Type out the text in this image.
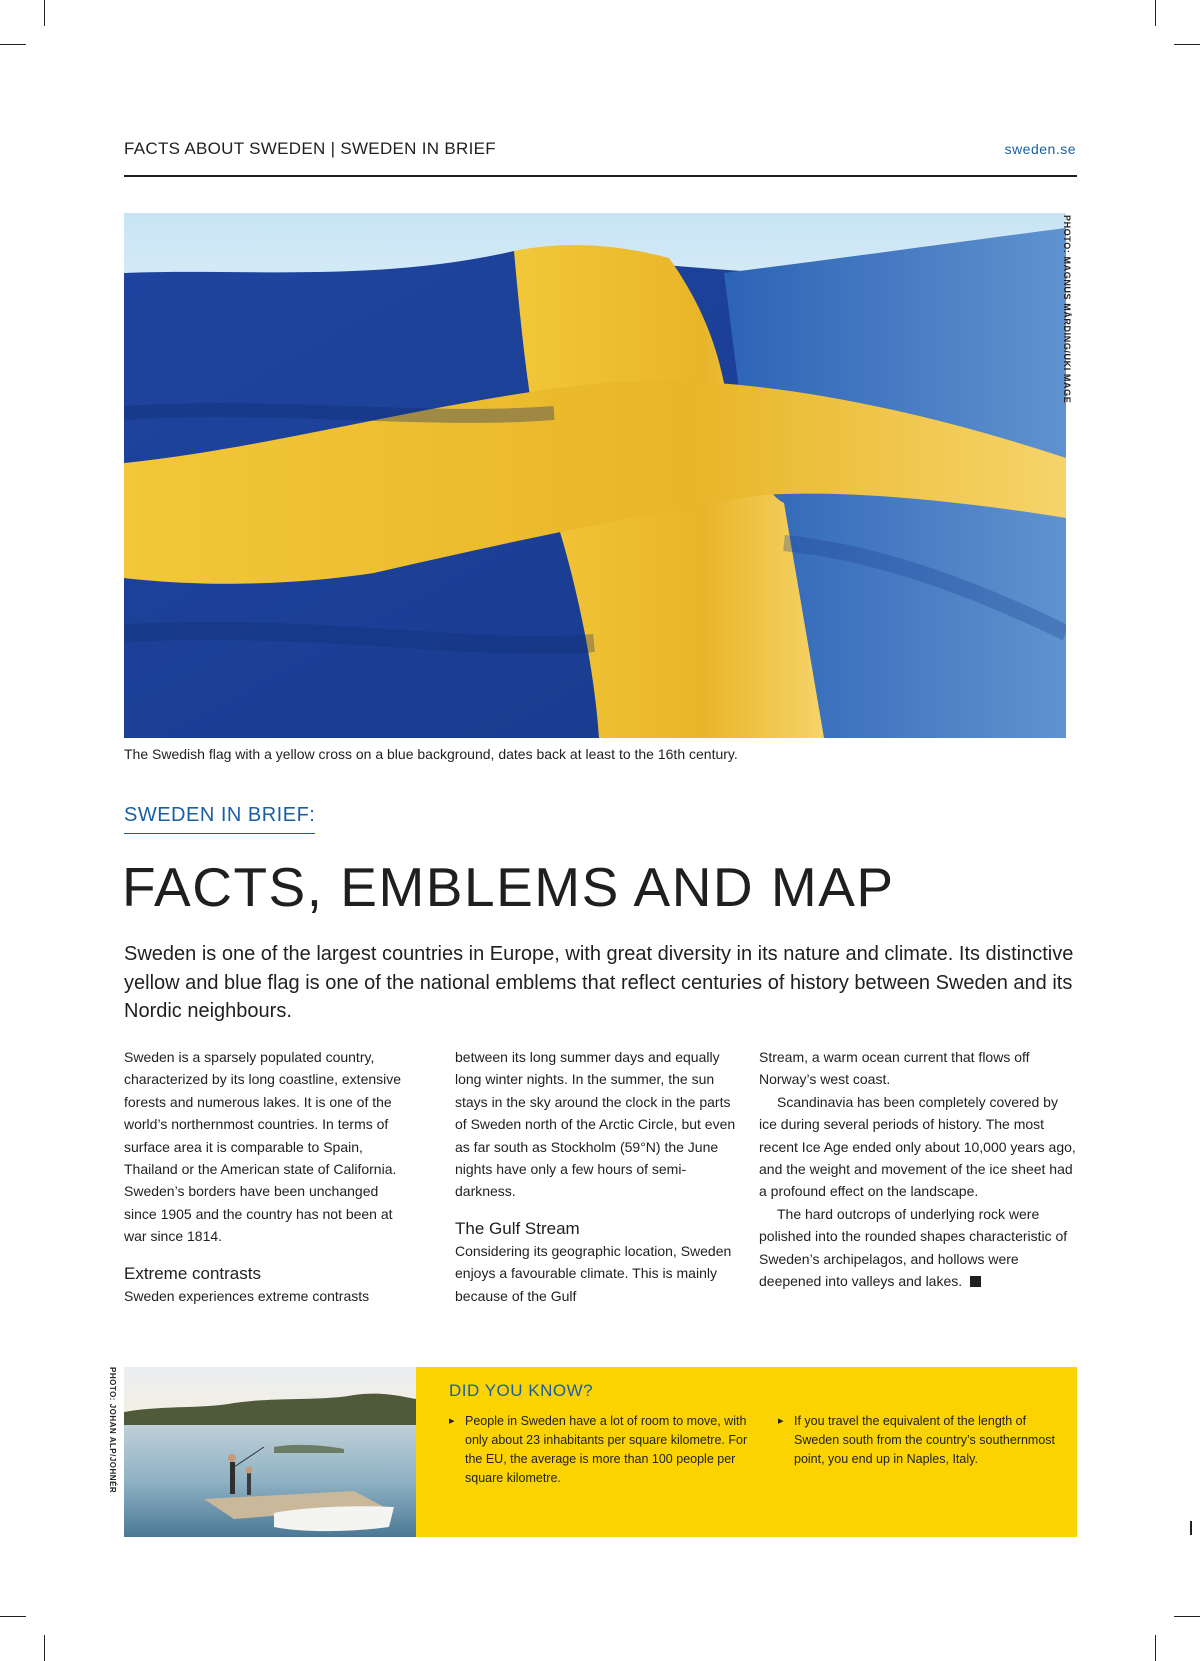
FACTS ABOUT SWEDEN | SWEDEN IN BRIEF	sweden.se
PHOTO: MAGNUS MÅRDING/UKI MAGE
The Swedish flag with a yellow cross on a blue background, dates back at least to the 16th century.
SWEDEN IN BRIEF:
FACTS, EMBLEMS AND MAP
Sweden is one of the largest countries in Europe, with great diversity in its nature and climate. Its distinctive yellow and blue flag is one of the national emblems that reflect centuries of history between Sweden and its Nordic neighbours.

Sweden is a sparsely populated country, characterized by its long coastline, extensive forests and numerous lakes. It is one of the world’s northernmost countries. In terms of surface area it is comparable to Spain, Thailand or the American state of California. Sweden’s borders have been unchanged since 1905 and the country has not been at war since 1814.

Extreme contrasts

Sweden experiences extreme contrasts

between its long summer days and equally long winter nights. In the summer, the sun stays in the sky around the clock in the parts of Sweden north of the Arctic Circle, but even as far south as Stockholm (59°N) the June nights have only a few hours of semi-darkness.

The Gulf Stream

Considering its geographic location, Sweden enjoys a favourable climate. This is mainly because of the Gulf

Stream, a warm ocean current that flows off Norway’s west coast.

Scandinavia has been completely covered by ice during several periods of history. The most recent Ice Age ended only about 10,000 years ago, and the weight and movement of the ice sheet had a profound effect on the landscape.

The hard outcrops of underlying rock were polished into the rounded shapes characteristic of Sweden’s archipelagos, and hollows were deepened into valleys and lakes.

PHOTO: JOHAN ALP/JOHNÉR	DID YOU KNOW?
▸ People in Sweden have a lot of room to move, with only about 23 inhabitants per square kilometre. For the EU, the average is more than 100 people per square kilometre.
▸ If you travel the equivalent of the length of Sweden south from the country’s southernmost point, you end up in Naples, Italy.
